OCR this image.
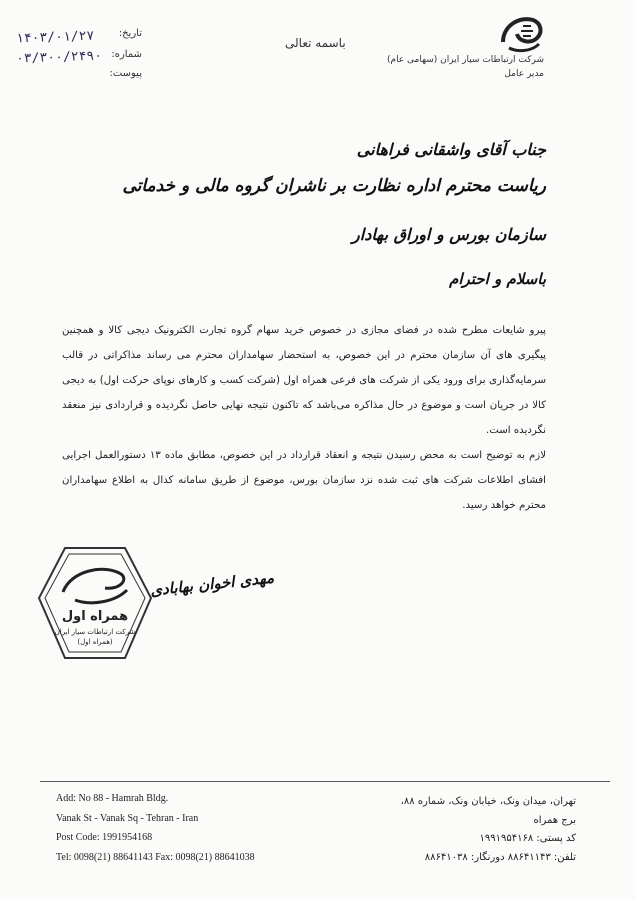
شرکت ارتباطات سیار ایران (سهامی عام)
مدیر عامل
باسمه تعالی
تاریخ:
شماره:
پیوست:
۱۴۰۳/۰۱/۲۷
۰۳/۳۰۰/۲۴۹۰
جناب آقای واشقانی فراهانی
ریاست محترم اداره نظارت بر ناشران گروه مالی و خدماتی
سازمان بورس و اوراق بهادار
باسلام و احترام

پیرو شایعات مطرح شده در فضای مجازی در خصوص خرید سهام گروه تجارت الکترونیک دیجی کالا و همچنین پیگیری های آن سازمان محترم در این خصوص، به استحضار سهامداران محترم می رساند مذاکراتی در قالب سرمایه‌گذاری برای ورود یکی از شرکت های فرعی همراه اول (شرکت کسب و کارهای نوپای حرکت اول) به دیجی کالا در جریان است و موضوع در حال مذاکره می‌باشد که تاکنون نتیجه نهایی حاصل نگردیده و قراردادی نیز منعقد نگردیده است.

لازم به توضیح است به محض رسیدن نتیجه و انعقاد قرارداد در این خصوص، مطابق ماده ۱۳ دستورالعمل اجرایی افشای اطلاعات شرکت های ثبت شده نزد سازمان بورس، موضوع از طریق سامانه کدال به اطلاع سهامداران محترم خواهد رسید.

همراه اول
شرکت ارتباطات سیار ایران
(همراه اول)
مهدی اخوان بهابادی
Add: No 88 - Hamrah Bldg.
Vanak St - Vanak Sq - Tehran - Iran
Post Code: 1991954168
Tel: 0098(21) 88641143 Fax: 0098(21) 88641038
تهران، میدان ونک، خیابان ونک، شماره ۸۸،
برج همراه
کد پستی: ۱۹۹۱۹۵۴۱۶۸
تلفن: ۸۸۶۴۱۱۴۳ دورنگار: ۸۸۶۴۱۰۳۸
